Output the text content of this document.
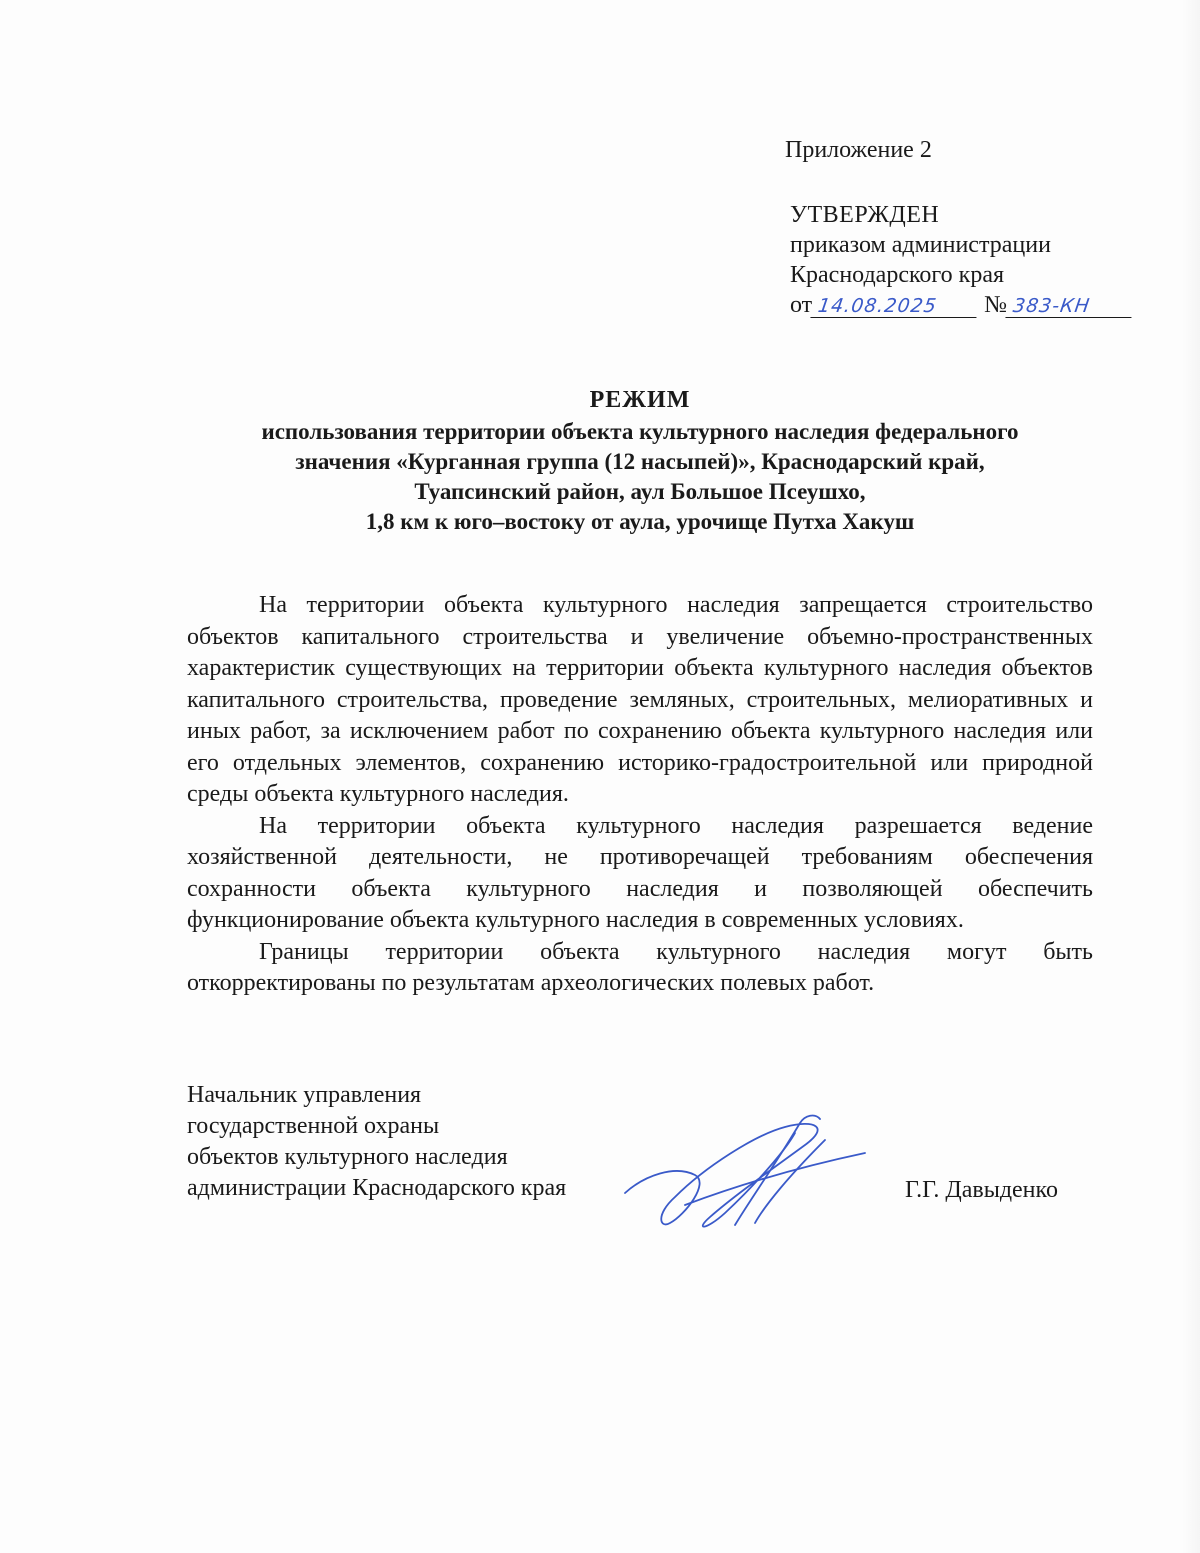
Приложение 2
УТВЕРЖДЕН
приказом администрации
Краснодарского края
от 14.08.2025 № 383-КН
РЕЖИМ
использования территории объекта культурного наследия федерального
значения «Курганная группа (12 насыпей)», Краснодарский край,
Туапсинский район, аул Большое Псеушхо,
1,8 км к юго–востоку от аула, урочище Путха Хакуш

На территории объекта культурного наследия запрещается строительство объектов капитального строительства и увеличение объемно-пространственных характеристик существующих на территории объекта культурного наследия объектов капитального строительства, проведение земляных, строительных, мелиоративных и иных работ, за исключением работ по сохранению объекта культурного наследия или его отдельных элементов, сохранению историко-градостроительной или природной среды объекта культурного наследия.

На территории объекта культурного наследия разрешается ведение хозяйственной деятельности, не противоречащей требованиям обеспечения сохранности объекта культурного наследия и позволяющей обеспечить функционирование объекта культурного наследия в современных условиях.

Границы территории объекта культурного наследия могут быть откорректированы по результатам археологических полевых работ.

Начальник управления
государственной охраны
объектов культурного наследия
администрации Краснодарского края	Г.Г. Давыденко
